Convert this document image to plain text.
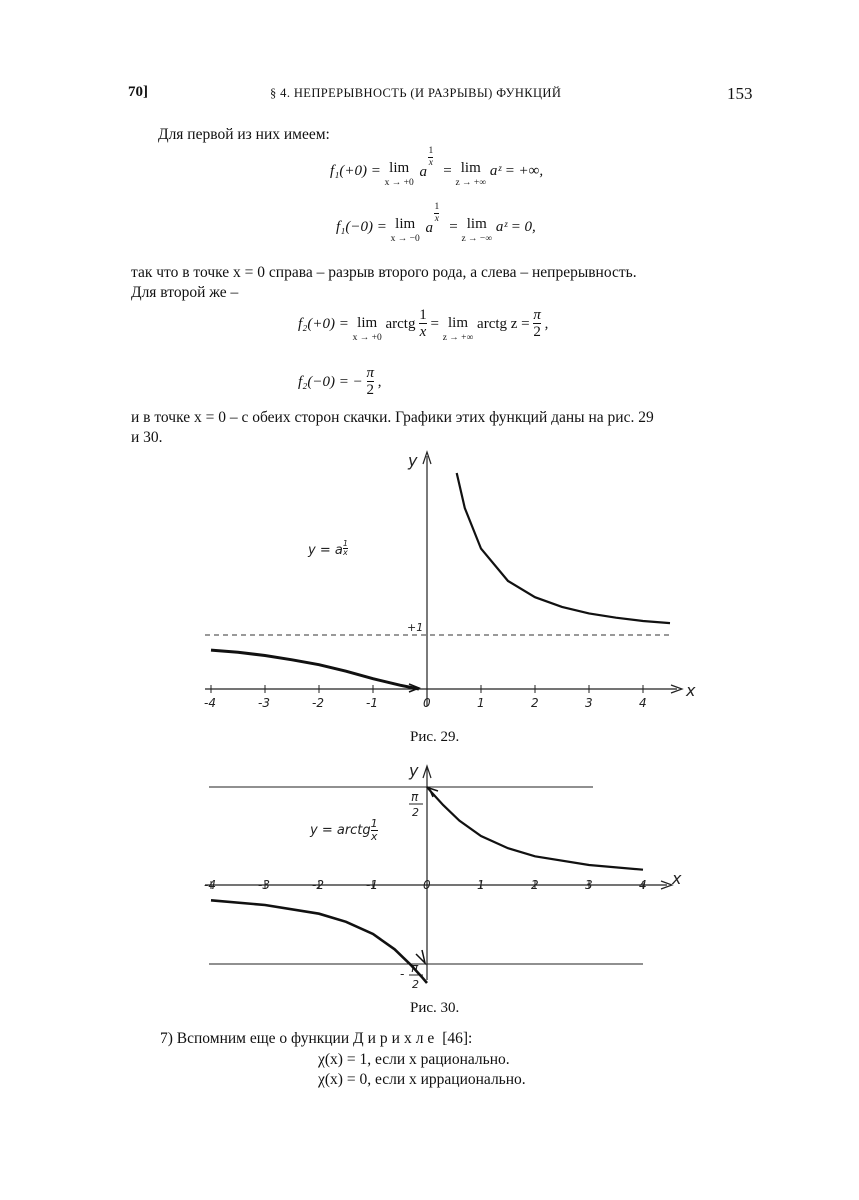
70]	§ 4. НЕПРЕРЫВНОСТЬ (И РАЗРЫВЫ) ФУНКЦИЙ	153
Для первой из них имеем:
f₁(+0) = lim
x → +0

a
$\frac{1}{x}$
= lim
z → +∞
aᶻ = +∞,
f₁(−0) = lim
x → −0

a
$\frac{1}{x}$
= lim
z → −∞
aᶻ = 0,
так что в точке x = 0 справа – разрыв второго рода, а слева – непрерывность.
Для второй же –
f₂(+0) = lim
x → +0
arctg $\frac{1}{x} = \lim$
z → +∞
arctg $z = \frac{\pi}{2}$ ,
f₂(−0) = − $\frac{\pi}{2}$ ,
и в точке x = 0 – с обеих сторон скачки. Графики этих функций даны на рис. 29
и 30.
y
x
+1
-4	-3	-2	-1	0	1	2	3	4
y = a $\frac{1}{x}$
Рис. 29.
y
x
π
2
- π
2
-4	-3	-2	-1	0	1	2	3	4
y = arctg $\frac{1}{x}$
Рис. 30.
7) Вспомним еще о функции Дирихле [46]:
χ(x) = 1, если x рационально.
χ(x) = 0, если x иррационально.
